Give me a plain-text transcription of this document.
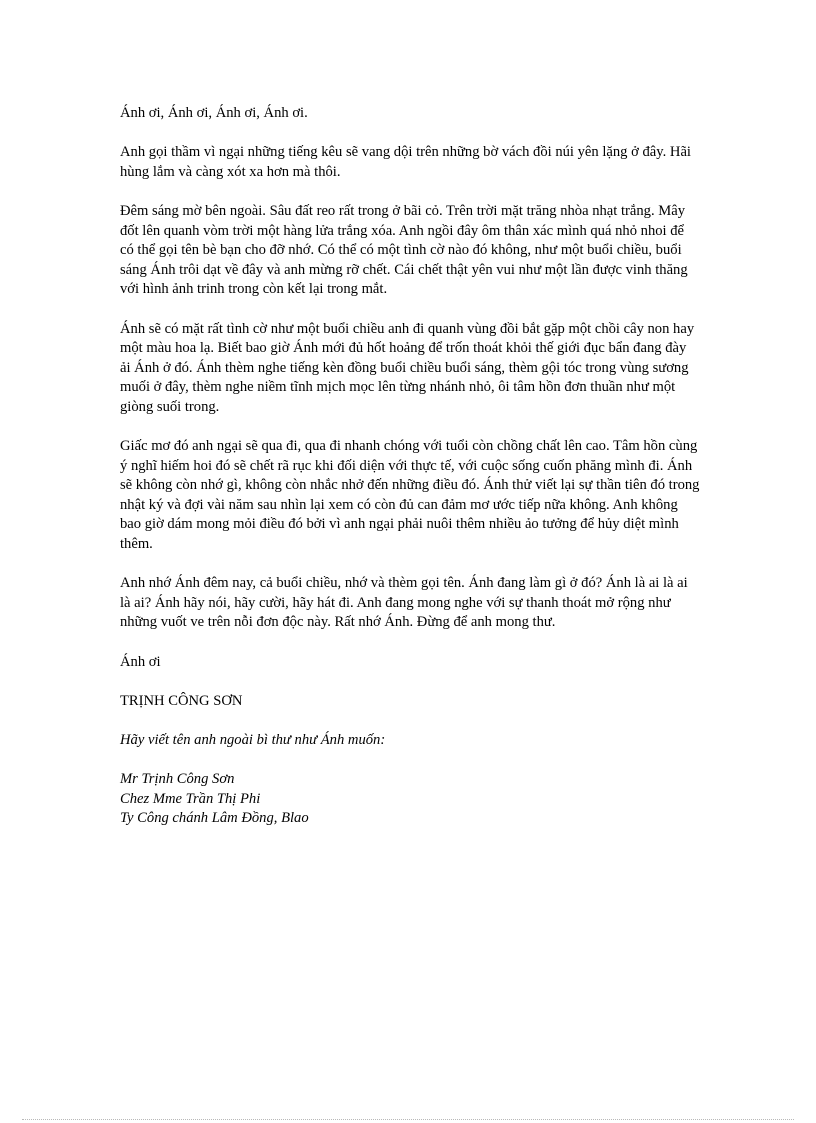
Ánh ơi, Ánh ơi, Ánh ơi, Ánh ơi.

Anh gọi thầm vì ngại những tiếng kêu sẽ vang dội trên những bờ vách đồi núi yên lặng ở đây. Hãi hùng lắm và càng xót xa hơn mà thôi.

Đêm sáng mờ bên ngoài. Sâu đất reo rất trong ở bãi cỏ. Trên trời mặt trăng nhòa nhạt trắng. Mây đốt lên quanh vòm trời một hàng lửa trắng xóa. Anh ngồi đây ôm thân xác mình quá nhỏ nhoi để có thể gọi tên bè bạn cho đỡ nhớ. Có thể có một tình cờ nào đó không, như một buổi chiều, buổi sáng Ánh trôi dạt về đây và anh mừng rỡ chết. Cái chết thật yên vui như một lần được vinh thăng với hình ảnh trinh trong còn kết lại trong mắt.

Ánh sẽ có mặt rất tình cờ như một buổi chiều anh đi quanh vùng đồi bắt gặp một chồi cây non hay một màu hoa lạ. Biết bao giờ Ánh mới đủ hốt hoảng để trốn thoát khỏi thế giới đục bẩn đang đày ải Ánh ở đó. Ánh thèm nghe tiếng kèn đồng buổi chiều buổi sáng, thèm gội tóc trong vùng sương muối ở đây, thèm nghe niềm tĩnh mịch mọc lên từng nhánh nhỏ, ôi tâm hồn đơn thuần như một giòng suối trong.

Giấc mơ đó anh ngại sẽ qua đi, qua đi nhanh chóng với tuổi còn chồng chất lên cao. Tâm hồn cùng ý nghĩ hiếm hoi đó sẽ chết rã rục khi đối diện với thực tế, với cuộc sống cuốn phăng mình đi. Ánh sẽ không còn nhớ gì, không còn nhắc nhở đến những điều đó. Ánh thử viết lại sự thần tiên đó trong nhật ký và đợi vài năm sau nhìn lại xem có còn đủ can đảm mơ ước tiếp nữa không. Anh không bao giờ dám mong mỏi điều đó bởi vì anh ngại phải nuôi thêm nhiều ảo tưởng để hủy diệt mình thêm.

Anh nhớ Ánh đêm nay, cả buổi chiều, nhớ và thèm gọi tên. Ánh đang làm gì ở đó? Ánh là ai là ai là ai? Ánh hãy nói, hãy cười, hãy hát đi. Anh đang mong nghe với sự thanh thoát mở rộng như những vuốt ve trên nỗi đơn độc này. Rất nhớ Ánh. Đừng để anh mong thư.

Ánh ơi

TRỊNH CÔNG SƠN

Hãy viết tên anh ngoài bì thư như Ánh muốn:

Mr Trịnh Công Sơn
Chez Mme Trần Thị Phi
Ty Công chánh Lâm Đồng, Blao
